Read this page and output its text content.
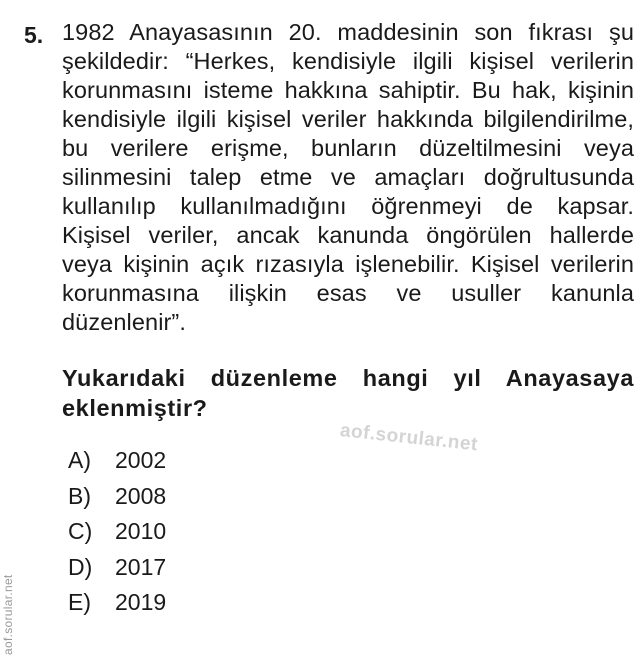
5. 1982 Anayasasının 20. maddesinin son fıkrası şu şekildedir: “Herkes, kendisiyle ilgili kişisel verilerin korunmasını isteme hakkına sahiptir. Bu hak, kişinin kendisiyle ilgili kişisel veriler hakkında bilgilendirilme, bu verilere erişme, bunların düzeltilmesini veya silinmesini talep etme ve amaçları doğrultusunda kullanılıp kullanılmadığını öğrenmeyi de kapsar. Kişisel veriler, ancak kanunda öngörülen hallerde veya kişinin açık rızasıyla işlenebilir. Kişisel verilerin korunmasına ilişkin esas ve usuller kanunla düzenlenir”.

Yukarıdaki düzenleme hangi yıl Anayasaya eklenmiştir?

A)	2002
B)	2008
C) 2010
D) 2017
E)	2019
aof.sorular.net
aof.sorular.net
